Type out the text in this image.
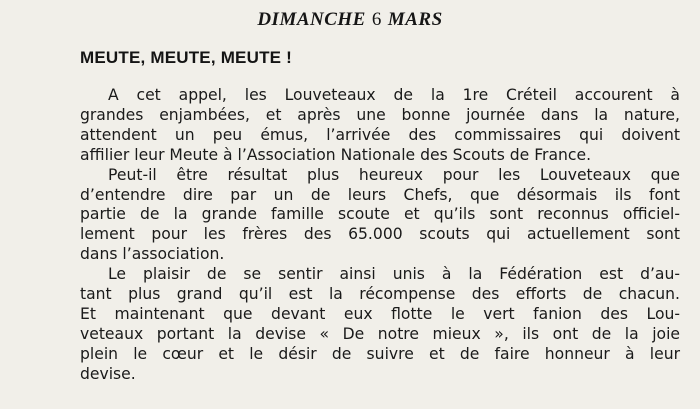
DIMANCHE 6 MARS
MEUTE, MEUTE, MEUTE !
A cet appel, les Louveteaux de la 1re Créteil accourent à
grandes enjambées, et après une bonne journée dans la nature,
attendent un peu émus, l’arrivée des commissaires qui doivent
affilier leur Meute à l’Association Nationale des Scouts de France.
Peut-il être résultat plus heureux pour les Louveteaux que
d’entendre dire par un de leurs Chefs, que désormais ils font
partie de la grande famille scoute et qu’ils sont reconnus officiel-
lement pour les frères des 65.000 scouts qui actuellement sont
dans l’association.
Le plaisir de se sentir ainsi unis à la Fédération est d’au-
tant plus grand qu’il est la récompense des efforts de chacun.
Et maintenant que devant eux flotte le vert fanion des Lou-
veteaux portant la devise « De notre mieux », ils ont de la joie
plein le cœur et le désir de suivre et de faire honneur à leur
devise.
